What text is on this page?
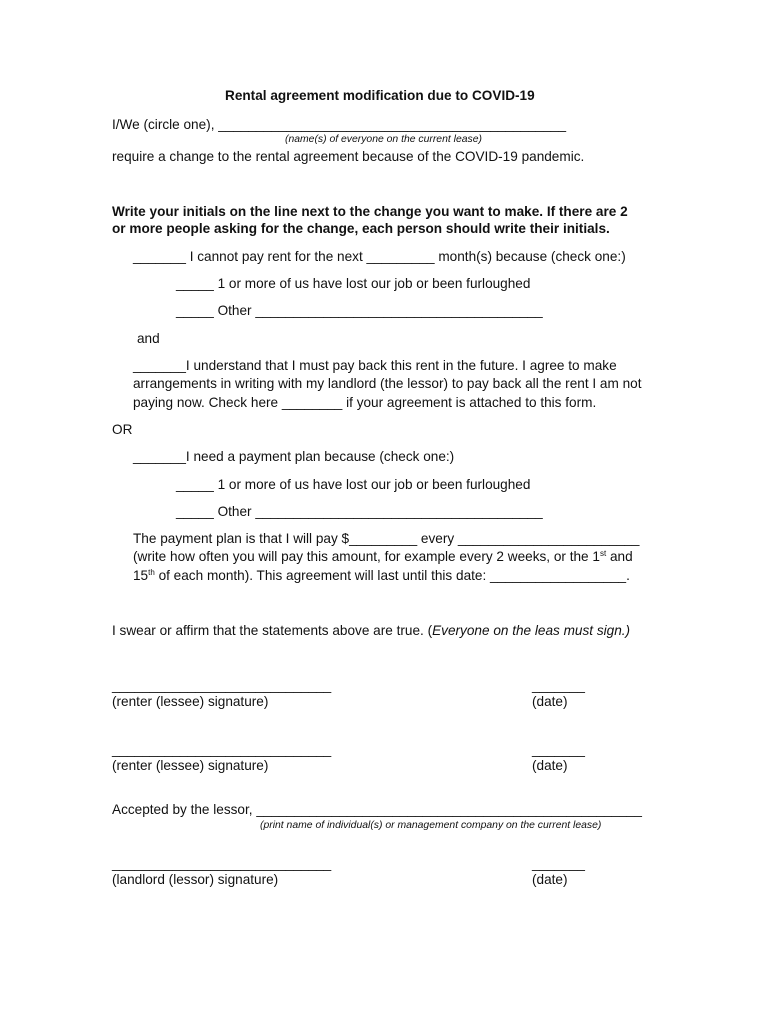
Rental agreement modification due to COVID-19
I/We (circle one), ______________________________________________
(name(s) of everyone on the current lease)
require a change to the rental agreement because of the COVID-19 pandemic.
Write your initials on the line next to the change you want to make. If there are 2
or more people asking for the change, each person should write their initials.
_______ I cannot pay rent for the next _________ month(s) because (check one:)
_____ 1 or more of us have lost our job or been furloughed
_____ Other ______________________________________
and
_______I understand that I must pay back this rent in the future. I agree to make
arrangements in writing with my landlord (the lessor) to pay back all the rent I am not
paying now. Check here ________ if your agreement is attached to this form.
OR
_______I need a payment plan because (check one:)
_____ 1 or more of us have lost our job or been furloughed
_____ Other ______________________________________
The payment plan is that I will pay $_________ every ________________________
(write how often you will pay this amount, for example every 2 weeks, or the 1st and
15th of each month). This agreement will last until this date: __________________.
I swear or affirm that the statements above are true. (Everyone on the leas must sign.)
_____________________________	_______
(renter (lessee) signature)	(date)
_____________________________	_______
(renter (lessee) signature)	(date)
Accepted by the lessor, ___________________________________________________
(print name of individual(s) or management company on the current lease)
_____________________________	_______
(landlord (lessor) signature)	(date)
